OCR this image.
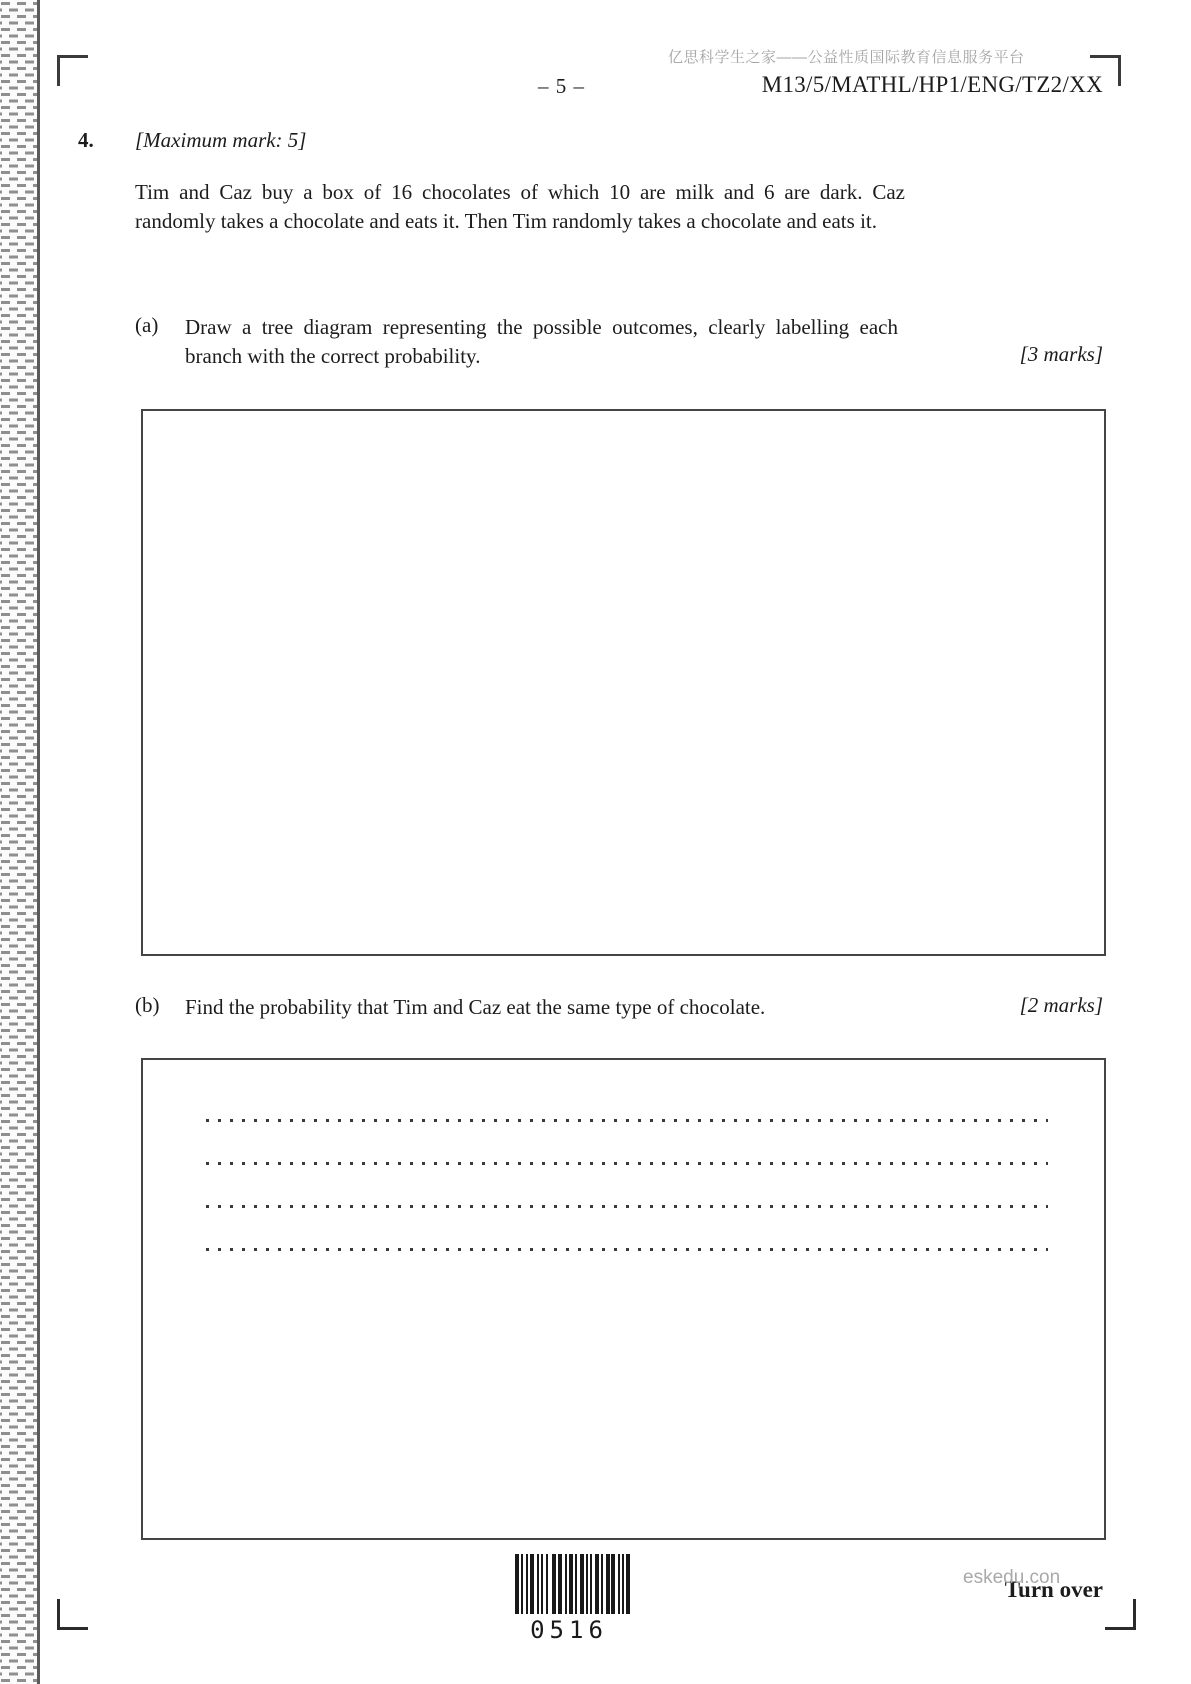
亿思科学生之家——公益性质国际教育信息服务平台
– 5 –	M13/5/MATHL/HP1/ENG/TZ2/XX
4. [Maximum mark: 5]
Tim and Caz buy a box of 16 chocolates of which 10 are milk and 6 are dark. Caz randomly takes a chocolate and eats it. Then Tim randomly takes a chocolate and eats it.
(a) Draw a tree diagram representing the possible outcomes, clearly labelling each branch with the correct probability.	[3 marks]
(b) Find the probability that Tim and Caz eat the same type of chocolate.	[2 marks]
0516
eskedu.con
Turn over
